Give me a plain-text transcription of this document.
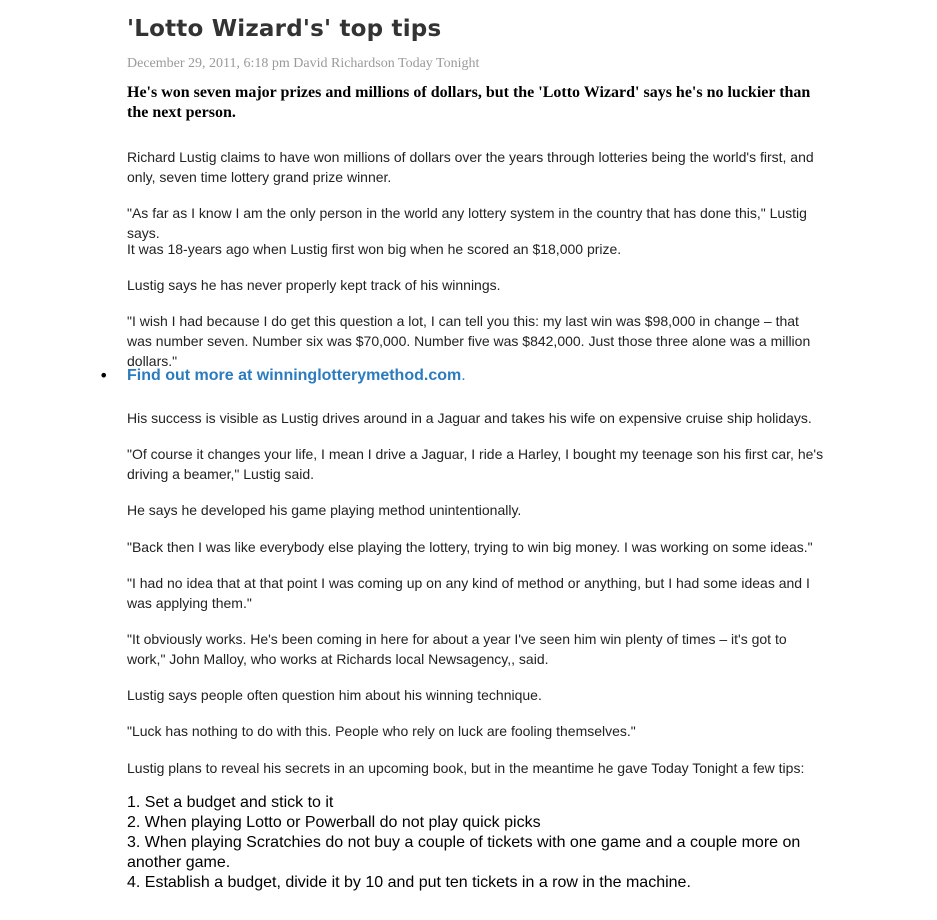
'Lotto Wizard's' top tips

December 29, 2011, 6:18 pm David Richardson Today Tonight

He's won seven major prizes and millions of dollars, but the 'Lotto Wizard' says he's no luckier than the next person.

Richard Lustig claims to have won millions of dollars over the years through lotteries being the world's first, and only, seven time lottery grand prize winner.

"As far as I know I am the only person in the world any lottery system in the country that has done this," Lustig says.

It was 18-years ago when Lustig first won big when he scored an $18,000 prize.

Lustig says he has never properly kept track of his winnings.

"I wish I had because I do get this question a lot, I can tell you this: my last win was $98,000 in change – that was number seven. Number six was $70,000. Number five was $842,000. Just those three alone was a million dollars."

• Find out more at winninglotterymethod.com.

His success is visible as Lustig drives around in a Jaguar and takes his wife on expensive cruise ship holidays.

"Of course it changes your life, I mean I drive a Jaguar, I ride a Harley, I bought my teenage son his first car, he's driving a beamer," Lustig said.

He says he developed his game playing method unintentionally.

"Back then I was like everybody else playing the lottery, trying to win big money. I was working on some ideas."

"I had no idea that at that point I was coming up on any kind of method or anything, but I had some ideas and I was applying them."

"It obviously works. He's been coming in here for about a year I've seen him win plenty of times – it's got to work," John Malloy, who works at Richards local Newsagency,, said.

Lustig says people often question him about his winning technique.

"Luck has nothing to do with this. People who rely on luck are fooling themselves."

Lustig plans to reveal his secrets in an upcoming book, but in the meantime he gave Today Tonight a few tips:

1. Set a budget and stick to it

2. When playing Lotto or Powerball do not play quick picks

3. When playing Scratchies do not buy a couple of tickets with one game and a couple more on another game.

4. Establish a budget, divide it by 10 and put ten tickets in a row in the machine.
